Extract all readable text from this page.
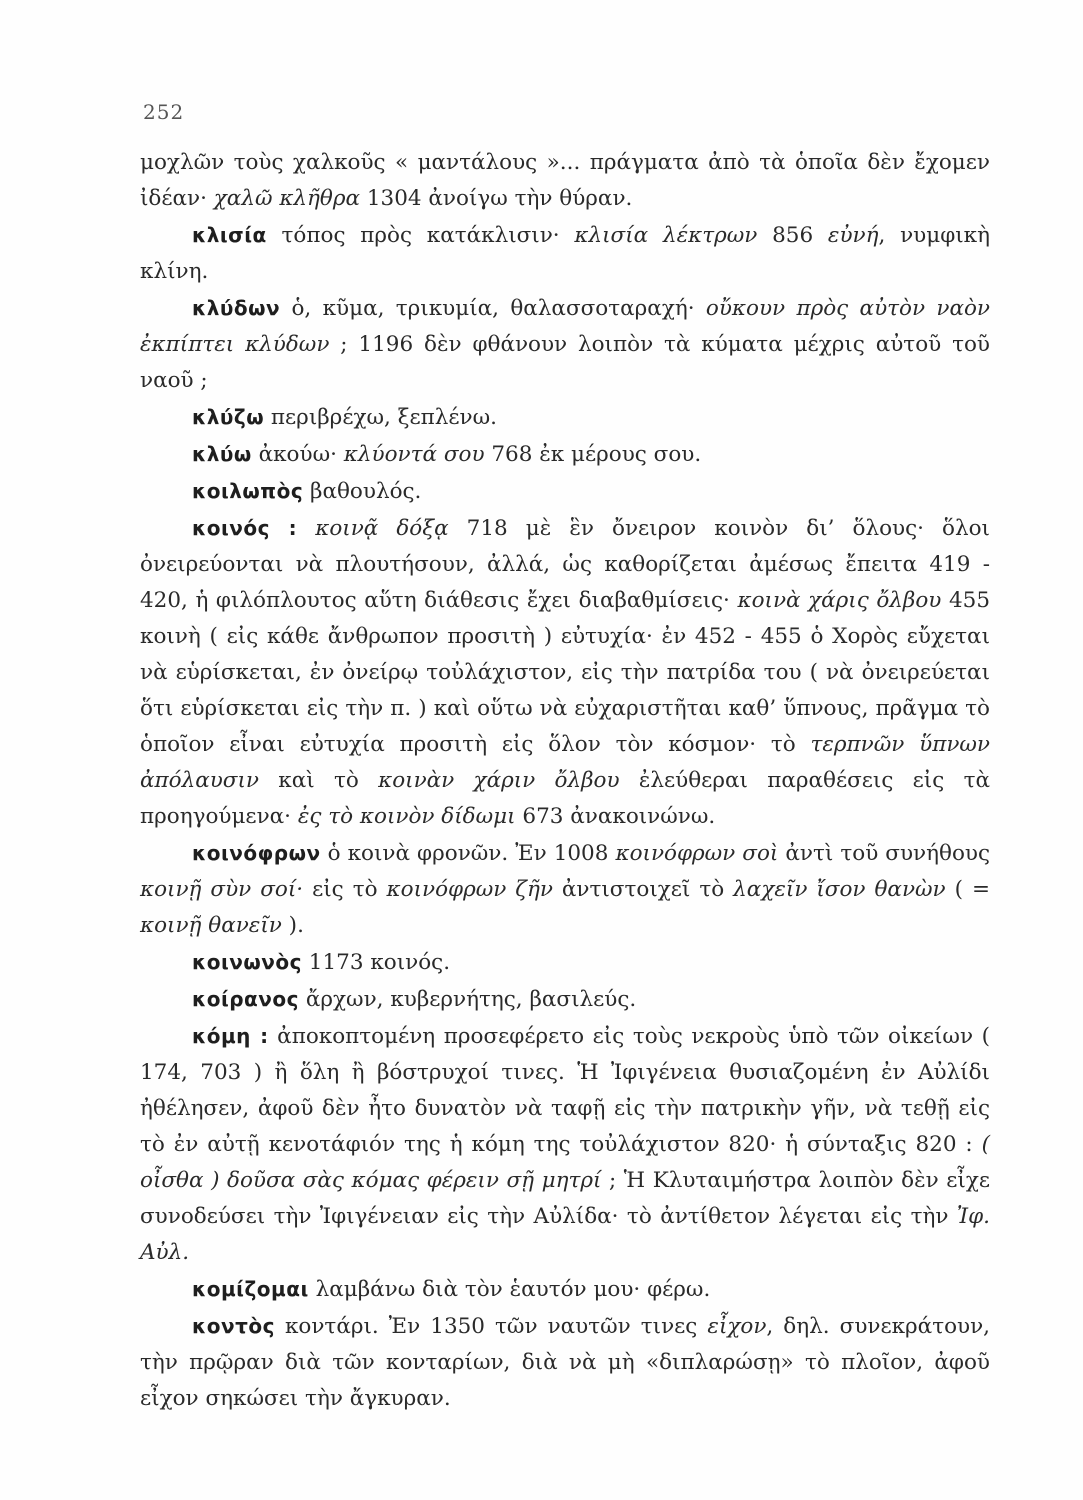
252

μοχλῶν τοὺς χαλκοῦς « μαντάλους »... πράγματα ἀπὸ τὰ ὁποῖα δὲν ἔχομεν ἰδέαν· χαλῶ κλῆθρα 1304 ἀνοίγω τὴν θύραν.

κλισία τόπος πρὸς κατάκλισιν· κλισία λέκτρων 856 εὐνή, νυμφικὴ κλίνη.

κλύδων ὁ, κῦμα, τρικυμία, θαλασσοταραχή· οὔκουν πρὸς αὐτὸν ναὸν ἐκπίπτει κλύδων ; 1196 δὲν φθάνουν λοιπὸν τὰ κύματα μέχρις αὐτοῦ τοῦ ναοῦ ;

κλύζω περιβρέχω, ξεπλένω.

κλύω ἀκούω· κλύοντά σου 768 ἐκ μέρους σου.

κοιλωπὸς βαθουλός.

κοινός : κοινᾷ δόξᾳ 718 μὲ ἓν ὄνειρον κοινὸν δι’ ὅλους· ὅλοι ὀνειρεύονται νὰ πλουτήσουν, ἀλλά, ὡς καθορίζεται ἀμέσως ἔπειτα 419 - 420, ἡ φιλόπλουτος αὕτη διάθεσις ἔχει διαβαθμίσεις· κοινὰ χάρις ὄλβου 455 κοινὴ ( εἰς κάθε ἄνθρωπον προσιτὴ ) εὐτυχία· ἐν 452 - 455 ὁ Χορὸς εὔχεται νὰ εὑρίσκεται, ἐν ὀνείρῳ τοὐλάχιστον, εἰς τὴν πατρίδα του ( νὰ ὀνειρεύεται ὅτι εὑρίσκεται εἰς τὴν π. ) καὶ οὕτω νὰ εὐχαριστῆται καθ’ ὕπνους, πρᾶγμα τὸ ὁποῖον εἶναι εὐτυχία προσιτὴ εἰς ὅλον τὸν κόσμον· τὸ τερπνῶν ὕπνων ἀπόλαυσιν καὶ τὸ κοινὰν χάριν ὄλβου ἐλεύθεραι παραθέσεις εἰς τὰ προηγούμενα· ἐς τὸ κοινὸν δίδωμι 673 ἀνακοινώνω.

κοινόφρων ὁ κοινὰ φρονῶν. Ἐν 1008 κοινόφρων σοὶ ἀντὶ τοῦ συνήθους κοινῇ σὺν σοί· εἰς τὸ κοινόφρων ζῆν ἀντιστοιχεῖ τὸ λαχεῖν ἴσον θανὼν ( = κοινῇ θανεῖν ).

κοινωνὸς 1173 κοινός.

κοίρανος ἄρχων, κυβερνήτης, βασιλεύς.

κόμη : ἀποκοπτομένη προσεφέρετο εἰς τοὺς νεκροὺς ὑπὸ τῶν οἰκείων ( 174, 703 ) ἢ ὅλη ἢ βόστρυχοί τινες. Ἡ Ἰφιγένεια θυσιαζομένη ἐν Αὐλίδι ἠθέλησεν, ἀφοῦ δὲν ἦτο δυνατὸν νὰ ταφῇ εἰς τὴν πατρικὴν γῆν, νὰ τεθῇ εἰς τὸ ἐν αὐτῇ κενοτάφιόν της ἡ κόμη της τοὐλάχιστον 820· ἡ σύνταξις 820 : ( οἶσθα ) δοῦσα σὰς κόμας φέρειν σῇ μητρί ; Ἡ Κλυταιμήστρα λοιπὸν δὲν εἶχε συνοδεύσει τὴν Ἰφιγένειαν εἰς τὴν Αὐλίδα· τὸ ἀντίθετον λέγεται εἰς τὴν Ἰφ. Αὐλ.

κομίζομαι λαμβάνω διὰ τὸν ἑαυτόν μου· φέρω.

κοντὸς κοντάρι. Ἐν 1350 τῶν ναυτῶν τινες εἶχον, δηλ. συνεκράτουν, τὴν πρῷραν διὰ τῶν κονταρίων, διὰ νὰ μὴ «διπλαρώσῃ» τὸ πλοῖον, ἀφοῦ εἶχον σηκώσει τὴν ἄγκυραν.
